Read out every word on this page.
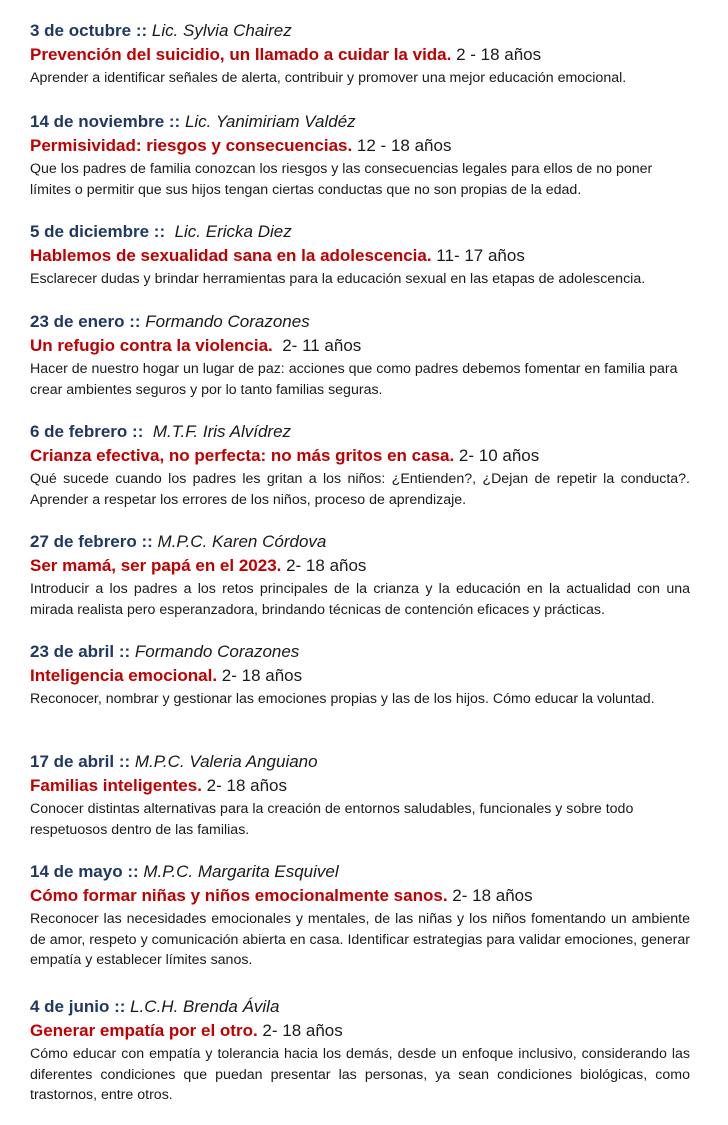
3 de octubre :: Lic. Sylvia Chairez
Prevención del suicidio, un llamado a cuidar la vida. 2 - 18 años
Aprender a identificar señales de alerta, contribuir y promover una mejor educación emocional.
14 de noviembre :: Lic. Yanimiriam Valdéz
Permisividad: riesgos y consecuencias. 12 - 18 años
Que los padres de familia conozcan los riesgos y las consecuencias legales para ellos de no poner límites o permitir que sus hijos tengan ciertas conductas que no son propias de la edad.
5 de diciembre ::  Lic. Ericka Diez
Hablemos de sexualidad sana en la adolescencia. 11- 17 años
Esclarecer dudas y brindar herramientas para la educación sexual en las etapas de adolescencia.
23 de enero :: Formando Corazones
Un refugio contra la violencia.  2- 11 años
Hacer de nuestro hogar un lugar de paz: acciones que como padres debemos fomentar en familia para crear ambientes seguros y por lo tanto familias seguras.
6 de febrero ::  M.T.F. Iris Alvídrez
Crianza efectiva, no perfecta: no más gritos en casa. 2- 10 años
Qué sucede cuando los padres les gritan a los niños: ¿Entienden?, ¿Dejan de repetir la conducta?. Aprender a respetar los errores de los niños, proceso de aprendizaje.
27 de febrero :: M.P.C. Karen Córdova
Ser mamá, ser papá en el 2023. 2- 18 años
Introducir a los padres a los retos principales de la crianza y la educación en la actualidad con una mirada realista pero esperanzadora, brindando técnicas de contención eficaces y prácticas.
23 de abril :: Formando Corazones
Inteligencia emocional. 2- 18 años
Reconocer, nombrar y gestionar las emociones propias y las de los hijos. Cómo educar la voluntad.
17 de abril :: M.P.C. Valeria Anguiano
Familias inteligentes. 2- 18 años
Conocer distintas alternativas para la creación de entornos saludables, funcionales y sobre todo respetuosos dentro de las familias.
14 de mayo :: M.P.C. Margarita Esquivel
Cómo formar niñas y niños emocionalmente sanos. 2- 18 años
Reconocer las necesidades emocionales y mentales, de las niñas y los niños fomentando un ambiente de amor, respeto y comunicación abierta en casa. Identificar estrategias para validar emociones, generar empatía y establecer límites sanos.
4 de junio :: L.C.H. Brenda Ávila
Generar empatía por el otro. 2- 18 años
Cómo educar con empatía y tolerancia hacia los demás, desde un enfoque inclusivo, considerando las diferentes condiciones que puedan presentar las personas, ya sean condiciones biológicas, como trastornos, entre otros.
